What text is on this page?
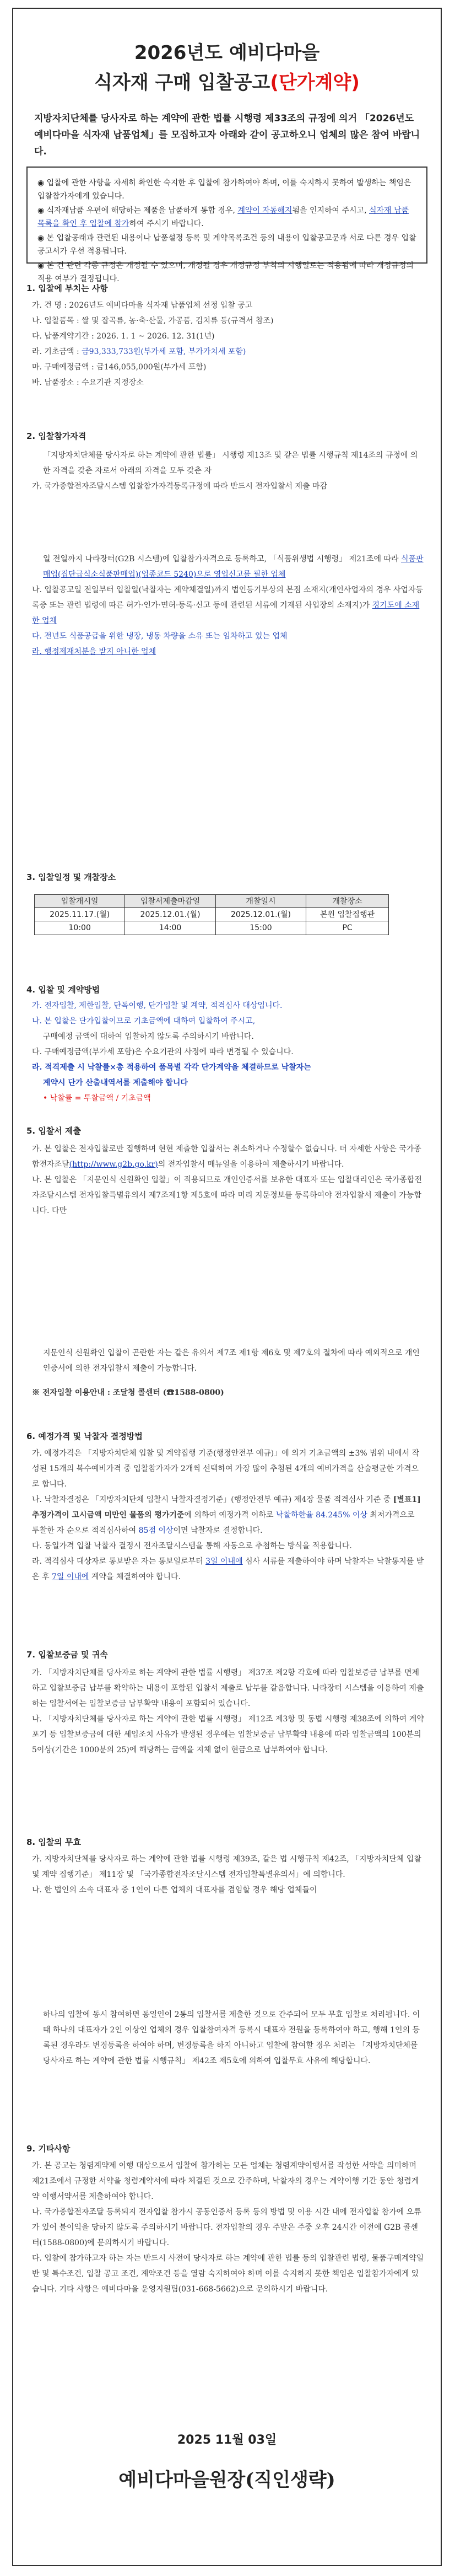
2026년도 예비다마을
식자재 구매 입찰공고(단가계약)
지방자치단체를 당사자로 하는 계약에 관한 법률 시행령 제33조의 규정에 의거 「2026년도 예비다마을 식자재 납품업체」를 모집하고자 아래와 같이 공고하오니 업체의 많은 참여 바랍니다.

◉ 입찰에 관한 사항을 자세히 확인한 숙지한 후 입찰에 참가하여야 하며, 이를 숙지하지 못하여 발생하는 책임은 입찰참가자에게 있습니다.

◉ 식자재납품 우편에 해당하는 제품을 납품하게 통합 경우, 계약이 자동해지됨을 인지하여 주시고, 식자재 납품 목록을 확인 후 입찰에 참가하여 주시기 바랍니다.

◉ 본 입찰공래과 관련된 내용이나 납품설정 등록 및 계약목록조건 등의 내용이 입찰공고문과 서로 다른 경우 입찰공고서가 우선 적용됩니다.

◉ 본 건 관련 각종 규정은 개정될 수 있으며, 개정될 경우 개정규정 부칙의 시행일로는 적용됨에 따라 개정규정의 적용 여부가 결정됩니다.

1. 입찰에 부치는 사항

가. 건 명 : 2026년도 예비다마을 식자재 납품업체 선정 입찰 공고

나. 입찰품목 : 쌀 및 잡곡류, 농·축·산물, 가공품, 김치류 등(규격서 참조)

다. 납품계약기간 : 2026. 1. 1 ~ 2026. 12. 31(1년)

라. 기초금액 : 금93,333,733원(부가세 포함, 부가가치세 포함)

마. 구매예정금액 : 금146,055,000원(부가세 포함)

바. 납품장소 : 수요기관 지정장소

2. 입찰참가자격

「지방자치단체를 당사자로 하는 계약에 관한 법률」 시행령 제13조 및 같은 법률 시행규칙 제14조의 규정에 의한 자격을 갖춘 자로서 아래의 자격을 모두 갖춘 자

가. 국가종합전자조달시스템 입찰참가자격등록규정에 따라 반드시 전자입찰서 제출 마감

일 전일까지 나라장터(G2B 시스템)에 입찰참가자격으로 등록하고, 「식품위생법 시행령」 제21조에 따라 식품판매업(집단급식소식품판매업)(업종코드 5240)으로 영업신고를 필한 업체

나. 입찰공고일 전일부터 입찰일(낙찰자는 계약체결일)까지 법인등기부상의 본점 소재지(개인사업자의 경우 사업자등록증 또는 관련 법령에 따른 허가·인가·면허·등록·신고 등에 관련된 서류에 기재된 사업장의 소재지)가 경기도에 소재한 업체

다. 전년도 식품공급을 위한 냉장, 냉동 차량을 소유 또는 임차하고 있는 업체

라. 행정제재처분을 받지 아니한 업체

3. 입찰일정 및 개찰장소
입찰개시일	입찰서제출마감일	개찰일시	개찰장소
2025.11.17.(월)	2025.12.01.(월)	2025.12.01.(월)	본원 입찰집행관
10:00	14:00	15:00	PC
4. 입찰 및 계약방법

가. 전자입찰, 제한입찰, 단독이행, 단가입찰 및 계약, 적격심사 대상입니다.

나. 본 입찰은 단가입찰이므로 기초금액에 대하여 입찰하여 주시고,

구매예정 금액에 대하여 입찰하지 않도록 주의하시기 바랍니다.

다. 구매예정금액(부가세 포함)은 수요기관의 사정에 따라 변경될 수 있습니다.

라. 적격제출 시 낙찰률×총 적용하여 품목별 각각 단가계약을 체결하므로 낙찰자는

계약시 단가 산출내역서를 제출해야 합니다

• 낙찰률 = 투찰금액 / 기초금액

5. 입찰서 제출

가. 본 입찰은 전자입찰로만 집행하며 현현 제출한 입찰서는 취소하거나 수정할수 없습니다. 더 자세한 사항은 국가종합전자조달(http://www.g2b.go.kr)의 전자입찰서 매뉴얼을 이용하여 제출하시기 바랍니다.

나. 본 입찰은 「지문인식 신원확인 입찰」이 적용되므로 개인인증서를 보유한 대표자 또는 입찰대리인은 국가종합전자조달시스템 전자입찰특별유의서 제7조제1항 제5호에 따라 미리 지문정보를 등록하여야 전자입찰서 제출이 가능합니다. 다만

지문인식 신원확인 입찰이 곤란한 자는 같은 유의서 제7조 제1항 제6호 및 제7호의 절차에 따라 예외적으로 개인인증서에 의한 전자입찰서 제출이 가능합니다.

※ 전자입찰 이용안내 : 조달청 콜센터 (☎1588-0800)

6. 예정가격 및 낙찰자 결정방법

가. 예정가격은 「지방자치단체 입찰 및 계약집행 기준(행정안전부 예규)」에 의거 기초금액의 ±3% 범위 내에서 작성된 15개의 복수예비가격 중 입찰참가자가 2개씩 선택하여 가장 많이 추첨된 4개의 예비가격을 산술평균한 가격으로 합니다.

나. 낙찰자결정은 「지방자치단체 입찰시 낙찰자결정기준」(행정안전부 예규) 제4장 물품 적격심사 기준 중 [별표1] 추정가격이 고시금액 미만인 물품의 평가기준에 의하여 예정가격 이하로 낙찰하한율 84.245% 이상 최저가격으로 투찰한 자 순으로 적격심사하여 85점 이상이면 낙찰자로 결정합니다.

다. 동일가격 입찰 낙찰자 결정시 전자조달시스템을 통해 자동으로 추첨하는 방식을 적용합니다.

라. 적격심사 대상자로 통보받은 자는 통보일로부터 3일 이내에 심사 서류를 제출하여야 하며 낙찰자는 낙찰통지를 받은 후 7일 이내에 계약을 체결하여야 합니다.

7. 입찰보증금 및 귀속

가. 「지방자치단체를 당사자로 하는 계약에 관한 법률 시행령」 제37조 제2항 각호에 따라 입찰보증금 납부를 면제하고 입찰보증금 납부를 확약하는 내용이 포함된 입찰서 제출로 납부를 갈음합니다. 나라장터 시스템을 이용하여 제출하는 입찰서에는 입찰보증금 납부확약 내용이 포함되어 있습니다.

나. 「지방자치단체를 당사자로 하는 계약에 관한 법률 시행령」 제12조 제3항 및 동법 시행령 제38조에 의하여 계약포기 등 입찰보증금에 대한 세입조치 사유가 발생된 경우에는 입찰보증금 납부확약 내용에 따라 입찰금액의 100분의 5이상(기간은 1000분의 25)에 해당하는 금액을 지체 없이 현금으로 납부하여야 합니다.

8. 입찰의 무효

가. 지방자치단체를 당사자로 하는 계약에 관한 법률 시행령 제39조, 같은 법 시행규칙 제42조, 「지방자치단체 입찰 및 계약 집행기준」 제11장 및 「국가종합전자조달시스템 전자입찰특별유의서」에 의합니다.

나. 한 법인의 소속 대표자 중 1인이 다른 업체의 대표자를 겸임할 경우 해당 업체들이

하나의 입찰에 동시 참여하면 동일인이 2통의 입찰서를 제출한 것으로 간주되어 모두 무효 입찰로 처리됩니다. 이때 하나의 대표자가 2인 이상인 업체의 경우 입찰참여자격 등록시 대표자 전원을 등록하여야 하고, 행해 1인의 등록된 경우라도 변경등록을 하여야 하며, 변경등록을 하지 아니하고 입찰에 참여할 경우 처리는 「지방자치단체를 당사자로 하는 계약에 관한 법률 시행규칙」 제42조 제5호에 의하여 입찰무효 사유에 해당합니다.

9. 기타사항

가. 본 공고는 청렴계약제 이행 대상으로서 입찰에 참가하는 모든 업체는 청렴계약이행서를 작성한 서약을 의미하며 제21조에서 규정한 서약을 청렴계약서에 따라 체결된 것으로 간주하며, 낙찰자의 경우는 계약이행 기간 동안 청렴계약 이행서약서를 제출하여야 합니다.

나. 국가종합전자조달 등록되지 전자입찰 참가시 공동인증서 등록 등의 방법 및 이용 시간 내에 전자입찰 참가에 오류가 있어 불이익을 당하지 않도록 주의하시기 바랍니다. 전자입찰의 경우 주말은 주중 오후 24시간 이전에 G2B 콜센터(1588-0800)에 문의하시기 바랍니다.

다. 입찰에 참가하고자 하는 자는 반드시 사전에 당사자로 하는 계약에 관한 법률 등의 입찰관련 법령, 물품구매계약일반 및 특수조건, 입찰 공고 조건, 계약조건 등을 열람 숙지하여야 하며 이를 숙지하지 못한 책임은 입찰참가자에게 있습니다. 기타 사항은 예비다마을 운영지원팀(031-668-5662)으로 문의하시기 바랍니다.

2025 11월 03일
예비다마을원장(직인생략)
